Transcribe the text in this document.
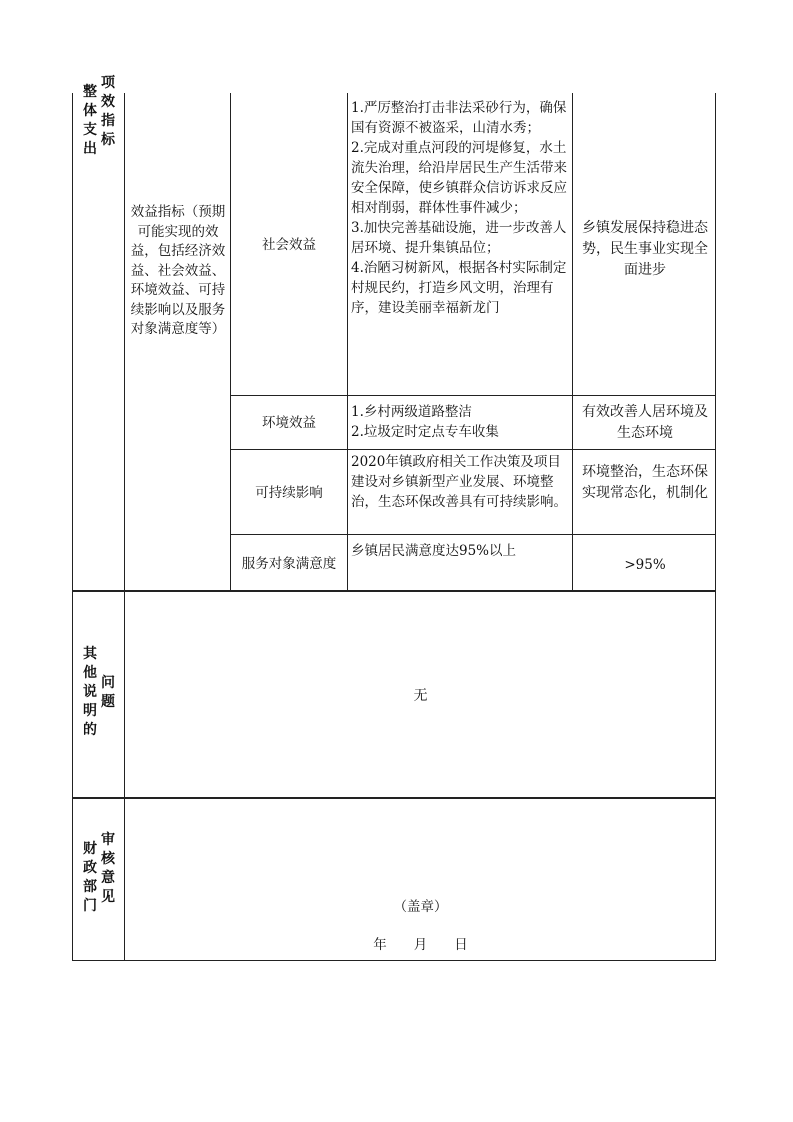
整体支出
项效指标
效益指标（预期可能实现的效益，包括经济效益、社会效益、环境效益、可持续影响以及服务对象满意度等）
社会效益
环境效益
可持续影响
服务对象满意度
1.严厉整治打击非法采砂行为，确保国有资源不被盗采，山清水秀；
2.完成对重点河段的河堤修复，水土流失治理，给沿岸居民生产生活带来安全保障，使乡镇群众信访诉求反应相对削弱，群体性事件减少；
3.加快完善基础设施，进一步改善人居环境、提升集镇品位；
4.治陋习树新风，根据各村实际制定村规民约，打造乡风文明，治理有序，建设美丽幸福新龙门
1.乡村两级道路整洁
2.垃圾定时定点专车收集
2020年镇政府相关工作决策及项目建设对乡镇新型产业发展、环境整治，生态环保改善具有可持续影响。
乡镇居民满意度达95%以上
乡镇发展保持稳进态势，民生事业实现全面进步
有效改善人居环境及生态环境
环境整治，生态环保实现常态化，机制化
>95%
其他说明的
问题	无
财政部门
审核意见
（盖章）
年　　月　　日
